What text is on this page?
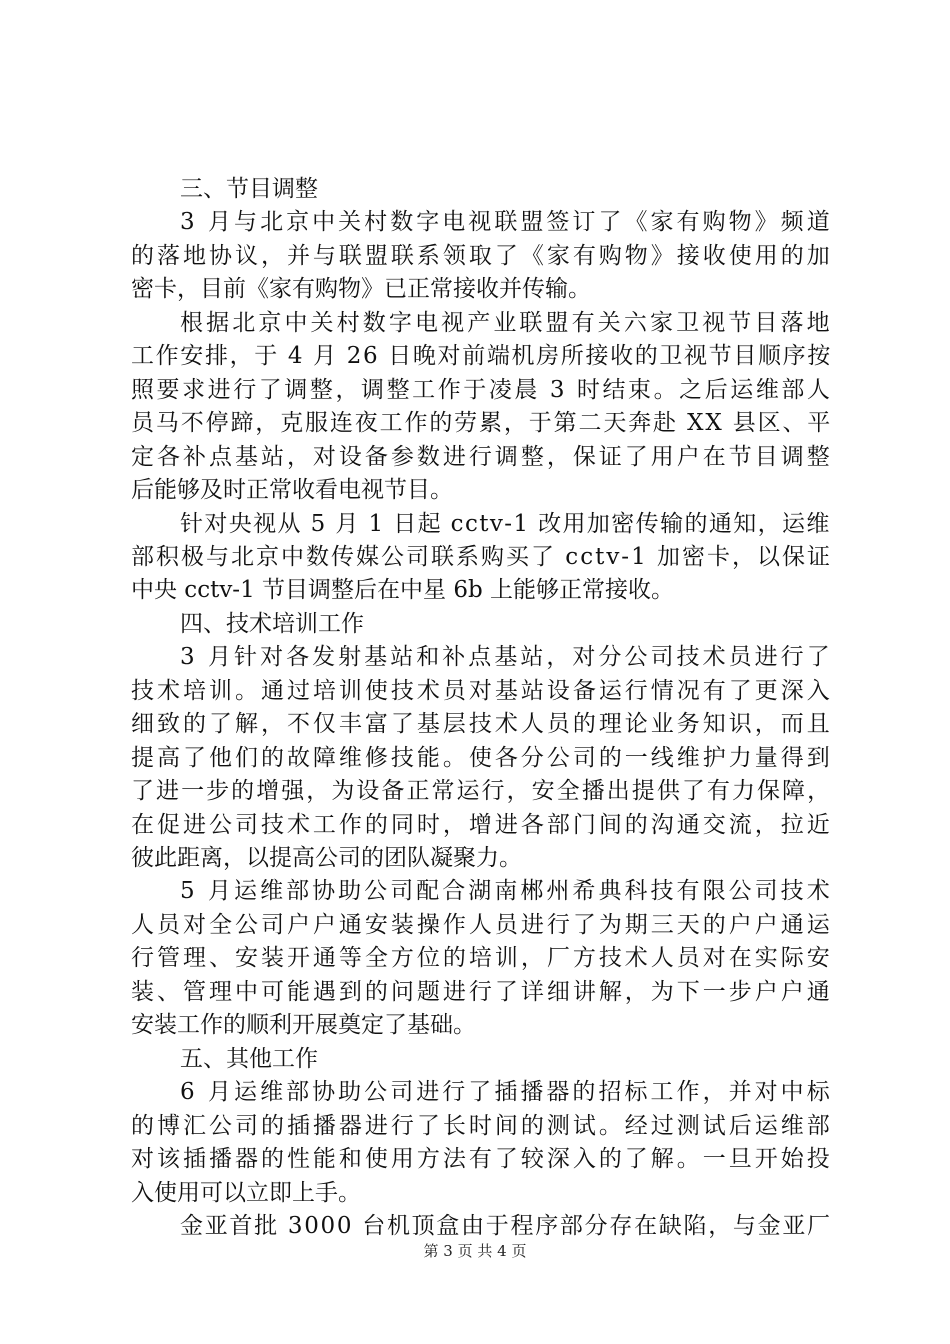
三、节目调整
3 月与北京中关村数字电视联盟签订了《家有购物》频道
的落地协议，并与联盟联系领取了《家有购物》接收使用的加
密卡，目前《家有购物》已正常接收并传输。
根据北京中关村数字电视产业联盟有关六家卫视节目落地
工作安排，于 4 月 26 日晚对前端机房所接收的卫视节目顺序按
照要求进行了调整，调整工作于凌晨 3 时结束。之后运维部人
员马不停蹄，克服连夜工作的劳累，于第二天奔赴 XX 县区、平
定各补点基站，对设备参数进行调整，保证了用户在节目调整
后能够及时正常收看电视节目。
针对央视从 5 月 1 日起 cctv-1 改用加密传输的通知，运维
部积极与北京中数传媒公司联系购买了 cctv-1 加密卡，以保证
中央 cctv-1 节目调整后在中星 6b 上能够正常接收。
四、技术培训工作
3 月针对各发射基站和补点基站，对分公司技术员进行了
技术培训。通过培训使技术员对基站设备运行情况有了更深入
细致的了解，不仅丰富了基层技术人员的理论业务知识，而且
提高了他们的故障维修技能。使各分公司的一线维护力量得到
了进一步的增强，为设备正常运行，安全播出提供了有力保障，
在促进公司技术工作的同时，增进各部门间的沟通交流，拉近
彼此距离，以提高公司的团队凝聚力。
5 月运维部协助公司配合湖南郴州希典科技有限公司技术
人员对全公司户户通安装操作人员进行了为期三天的户户通运
行管理、安装开通等全方位的培训，厂方技术人员对在实际安
装、管理中可能遇到的问题进行了详细讲解，为下一步户户通
安装工作的顺利开展奠定了基础。
五、其他工作
6 月运维部协助公司进行了插播器的招标工作，并对中标
的博汇公司的插播器进行了长时间的测试。经过测试后运维部
对该插播器的性能和使用方法有了较深入的了解。一旦开始投
入使用可以立即上手。
金亚首批 3000 台机顶盒由于程序部分存在缺陷，与金亚厂
第 3 页 共 4 页
